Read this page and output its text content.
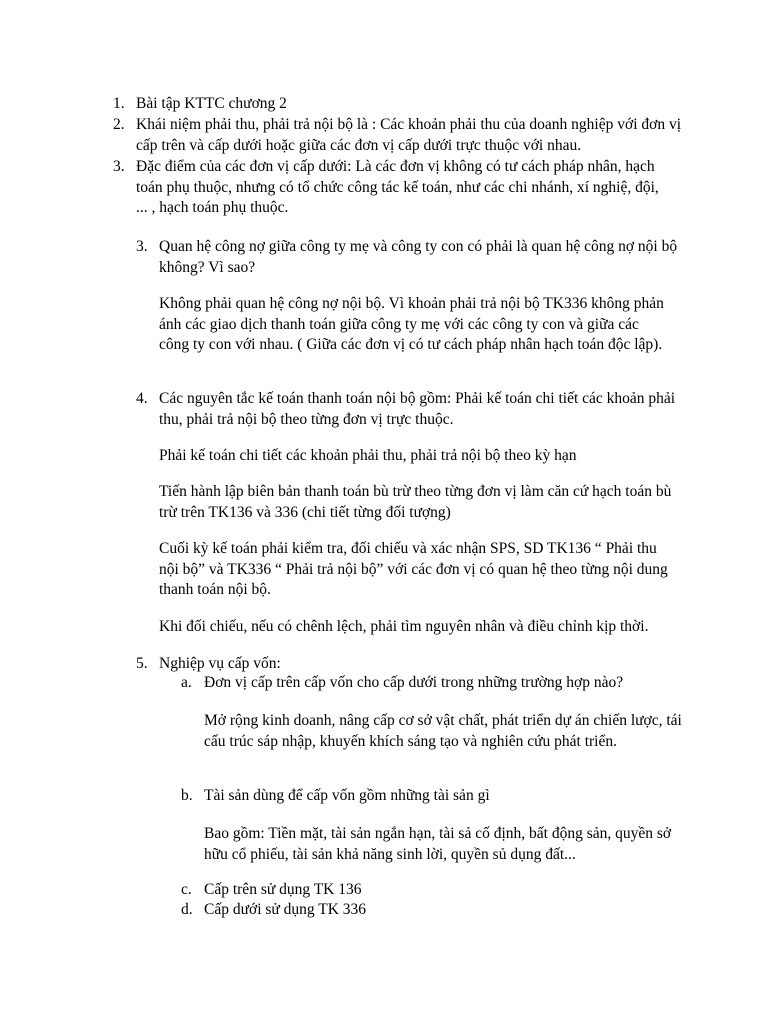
1. Bài tập KTTC chương 2

2. Khái niệm phải thu, phải trả nội bộ là : Các khoản phải thu của doanh nghiệp với đơn vị cấp trên và cấp dưới hoặc giữa các đơn vị cấp dưới trực thuộc với nhau.

3. Đặc điểm của các đơn vị cấp dưới: Là các đơn vị không có tư cách pháp nhân, hạch toán phụ thuộc, nhưng có tổ chức công tác kế toán, như các chi nhánh, xí nghiệ, đội, ... , hạch toán phụ thuộc.

3. Quan hệ công nợ giữa công ty mẹ và công ty con có phải là quan hệ công nợ nội bộ không? Vì sao?

Không phải quan hệ công nợ nội bộ. Vì khoản phải trả nội bộ TK336 không phản ánh các giao dịch thanh toán giữa công ty mẹ với các công ty con và giữa các công ty con với nhau. ( Giữa các đơn vị có tư cách pháp nhân hạch toán độc lập).

4. Các nguyên tắc kế toán thanh toán nội bộ gồm: Phải kế toán chi tiết các khoản phải thu, phải trả nội bộ theo từng đơn vị trực thuộc.

Phải kế toán chi tiết các khoản phải thu, phải trả nội bộ theo kỳ hạn

Tiến hành lập biên bản thanh toán bù trừ theo từng đơn vị làm căn cứ hạch toán bù trừ trên TK136 và 336 (chi tiết từng đối tượng)

Cuối kỳ kế toán phải kiểm tra, đối chiếu và xác nhận SPS, SD TK136 “ Phải thu nội bộ” và TK336 “ Phải trả nội bộ” với các đơn vị có quan hệ theo từng nội dung thanh toán nội bộ.

Khi đối chiếu, nếu có chênh lệch, phải tìm nguyên nhân và điều chỉnh kịp thời.

5. Nghiệp vụ cấp vốn:

a. Đơn vị cấp trên cấp vốn cho cấp dưới trong những trường hợp nào?

Mở rộng kinh doanh, nâng cấp cơ sở vật chất, phát triển dự án chiến lược, tái cấu trúc sáp nhập, khuyến khích sáng tạo và nghiên cứu phát triển.

b. Tài sản dùng để cấp vốn gồm những tài sản gì

Bao gồm: Tiền mặt, tài sản ngắn hạn, tài sả cố định, bất động sản, quyền sở hữu cổ phiếu, tài sản khả năng sinh lời, quyền sủ dụng đất...

c. Cấp trên sử dụng TK 136

d. Cấp dưới sử dụng TK 336
